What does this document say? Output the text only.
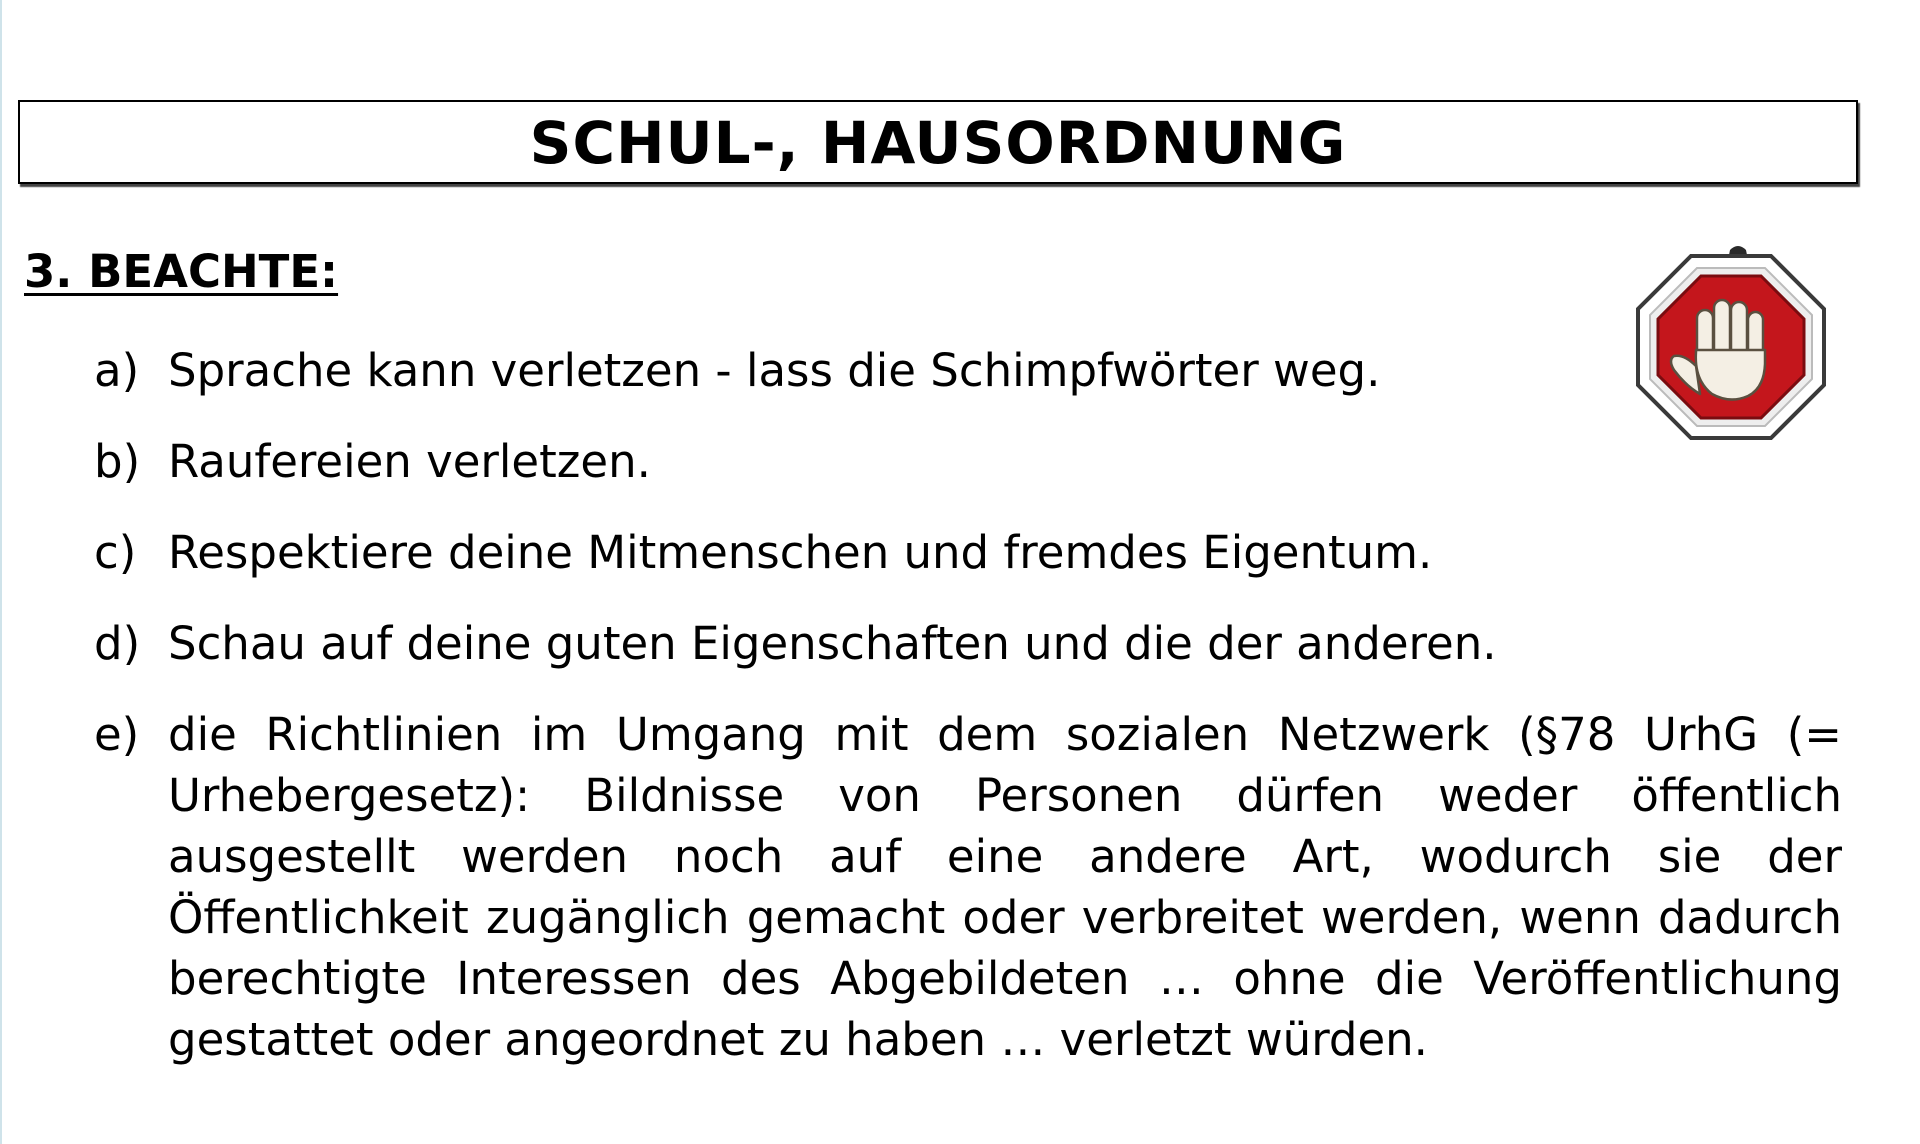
SCHUL-, HAUSORDNUNG
3. BEACHTE:
a) Sprache kann verletzen - lass die Schimpfwörter weg.
b) Raufereien verletzen.
c) Respektiere deine Mitmenschen und fremdes Eigentum.
d) Schau auf deine guten Eigenschaften und die der anderen.
e) die Richtlinien im Umgang mit dem sozialen Netzwerk (§78 UrhG (= Urhebergesetz): Bildnisse von Personen dürfen weder öffentlich ausgestellt werden noch auf eine andere Art, wodurch sie der Öffentlichkeit zugänglich gemacht oder verbreitet werden, wenn dadurch berechtigte Interessen des Abgebildeten … ohne die Veröffentlichung gestattet oder angeordnet zu haben … verletzt würden.
